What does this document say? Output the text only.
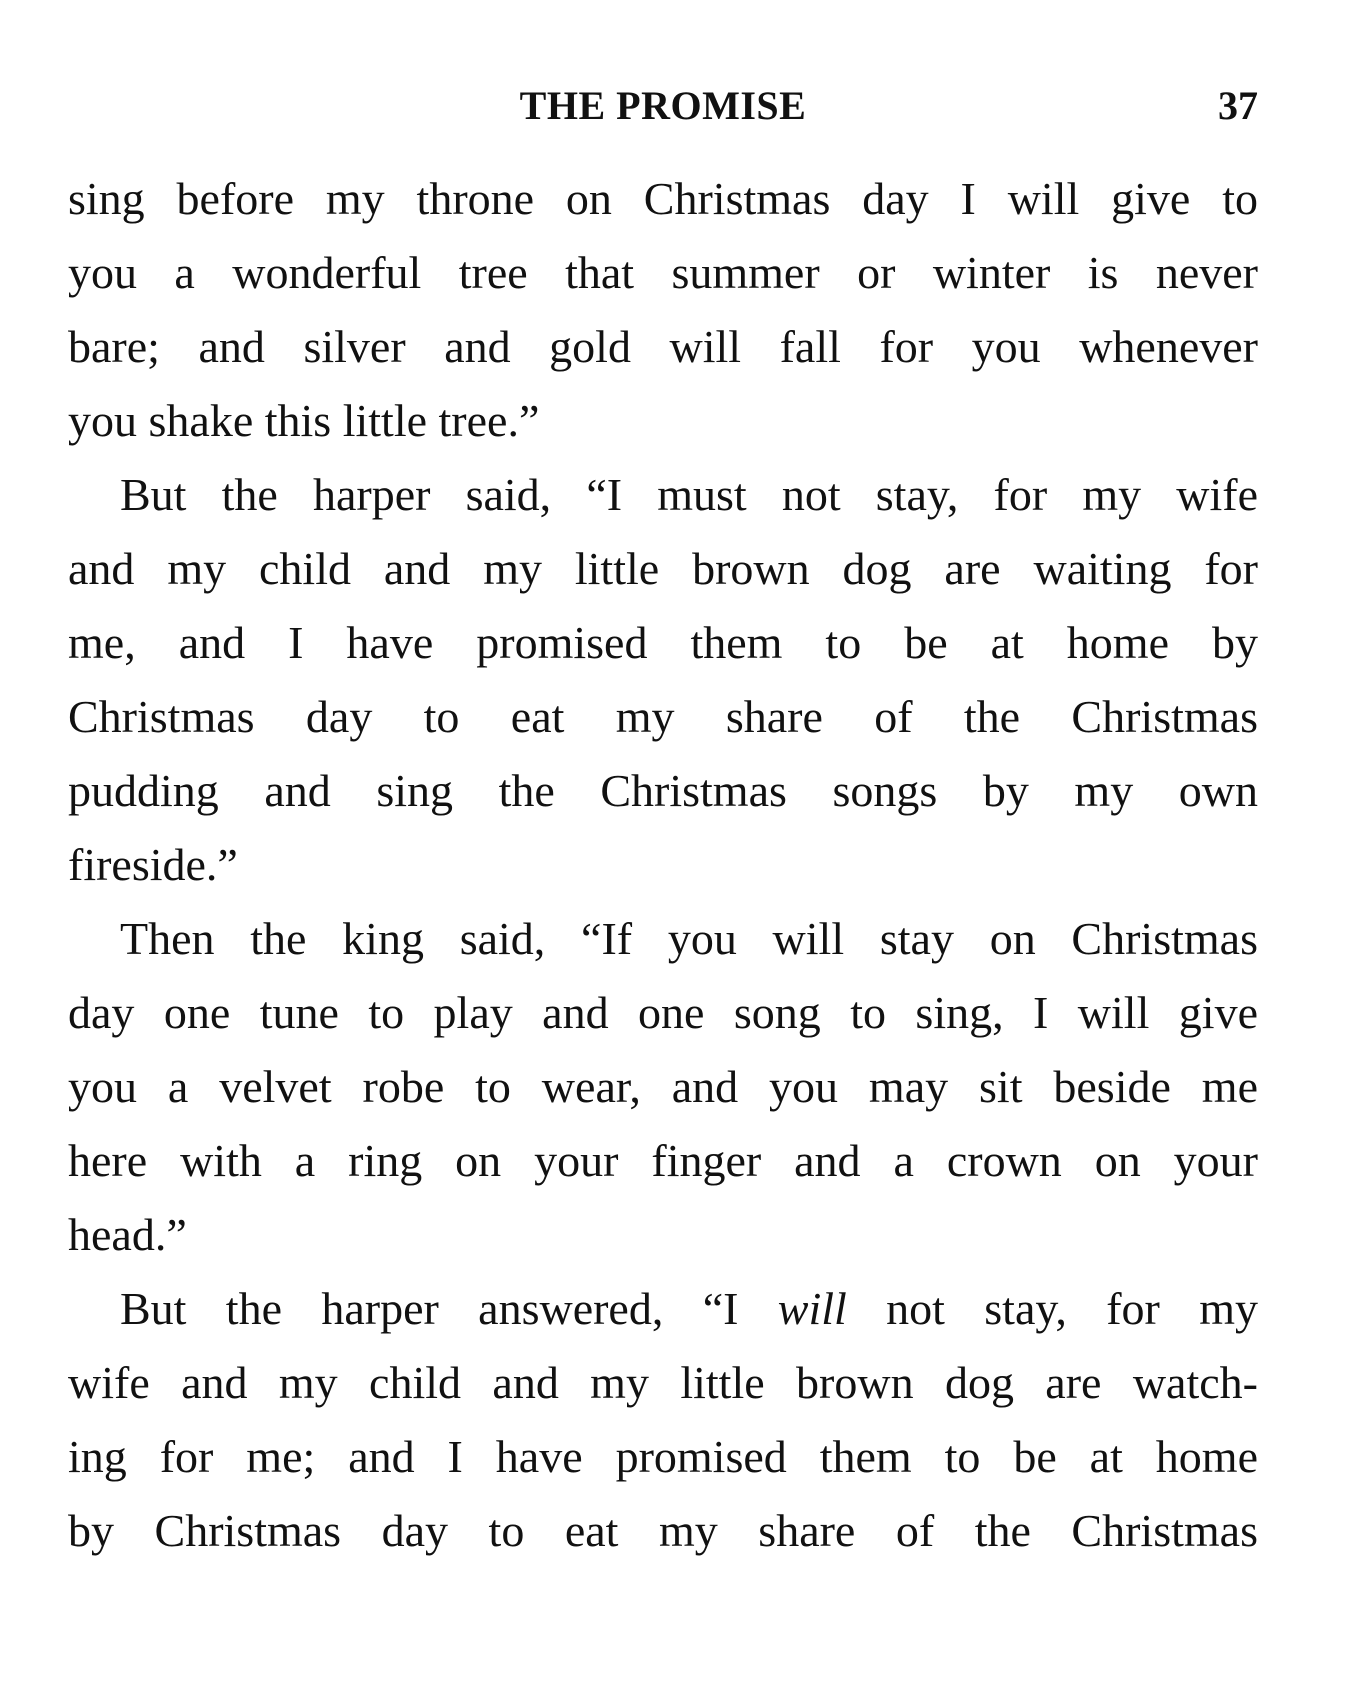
THE PROMISE	37
sing before my throne on Christmas day I will give to
you a wonderful tree that summer or winter is never
bare; and silver and gold will fall for you whenever
you shake this little tree.”
But the harper said, “I must not stay, for my wife
and my child and my little brown dog are waiting for
me, and I have promised them to be at home by
Christmas day to eat my share of the Christmas
pudding and sing the Christmas songs by my own
fireside.”
Then the king said, “If you will stay on Christmas
day one tune to play and one song to sing, I will give
you a velvet robe to wear, and you may sit beside me
here with a ring on your finger and a crown on your
head.”
But the harper answered, “I will not stay, for my
wife and my child and my little brown dog are watch-
ing for me; and I have promised them to be at home
by Christmas day to eat my share of the Christmas
